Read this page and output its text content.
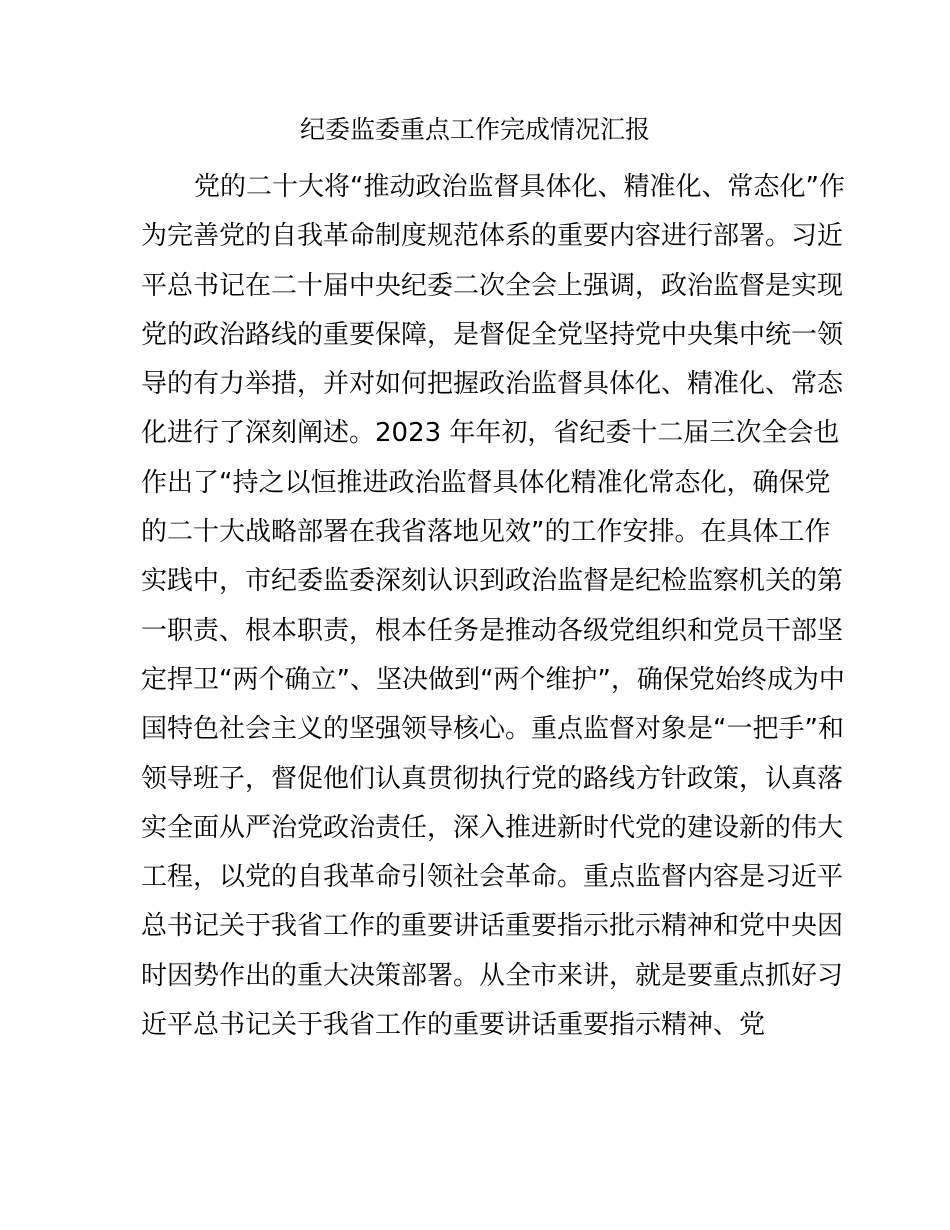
纪委监委重点工作完成情况汇报
党的二十大将“推动政治监督具体化、精准化、常态化”作
为完善党的自我革命制度规范体系的重要内容进行部署。习近
平总书记在二十届中央纪委二次全会上强调，政治监督是实现
党的政治路线的重要保障，是督促全党坚持党中央集中统一领
导的有力举措，并对如何把握政治监督具体化、精准化、常态
化进行了深刻阐述。2023 年年初，省纪委十二届三次全会也
作出了“持之以恒推进政治监督具体化精准化常态化，确保党
的二十大战略部署在我省落地见效”的工作安排。在具体工作
实践中，市纪委监委深刻认识到政治监督是纪检监察机关的第
一职责、根本职责，根本任务是推动各级党组织和党员干部坚
定捍卫“两个确立”、坚决做到“两个维护”，确保党始终成为中
国特色社会主义的坚强领导核心。重点监督对象是“一把手”和
领导班子，督促他们认真贯彻执行党的路线方针政策，认真落
实全面从严治党政治责任，深入推进新时代党的建设新的伟大
工程，以党的自我革命引领社会革命。重点监督内容是习近平
总书记关于我省工作的重要讲话重要指示批示精神和党中央因
时因势作出的重大决策部署。从全市来讲，就是要重点抓好习
近平总书记关于我省工作的重要讲话重要指示精神、党
